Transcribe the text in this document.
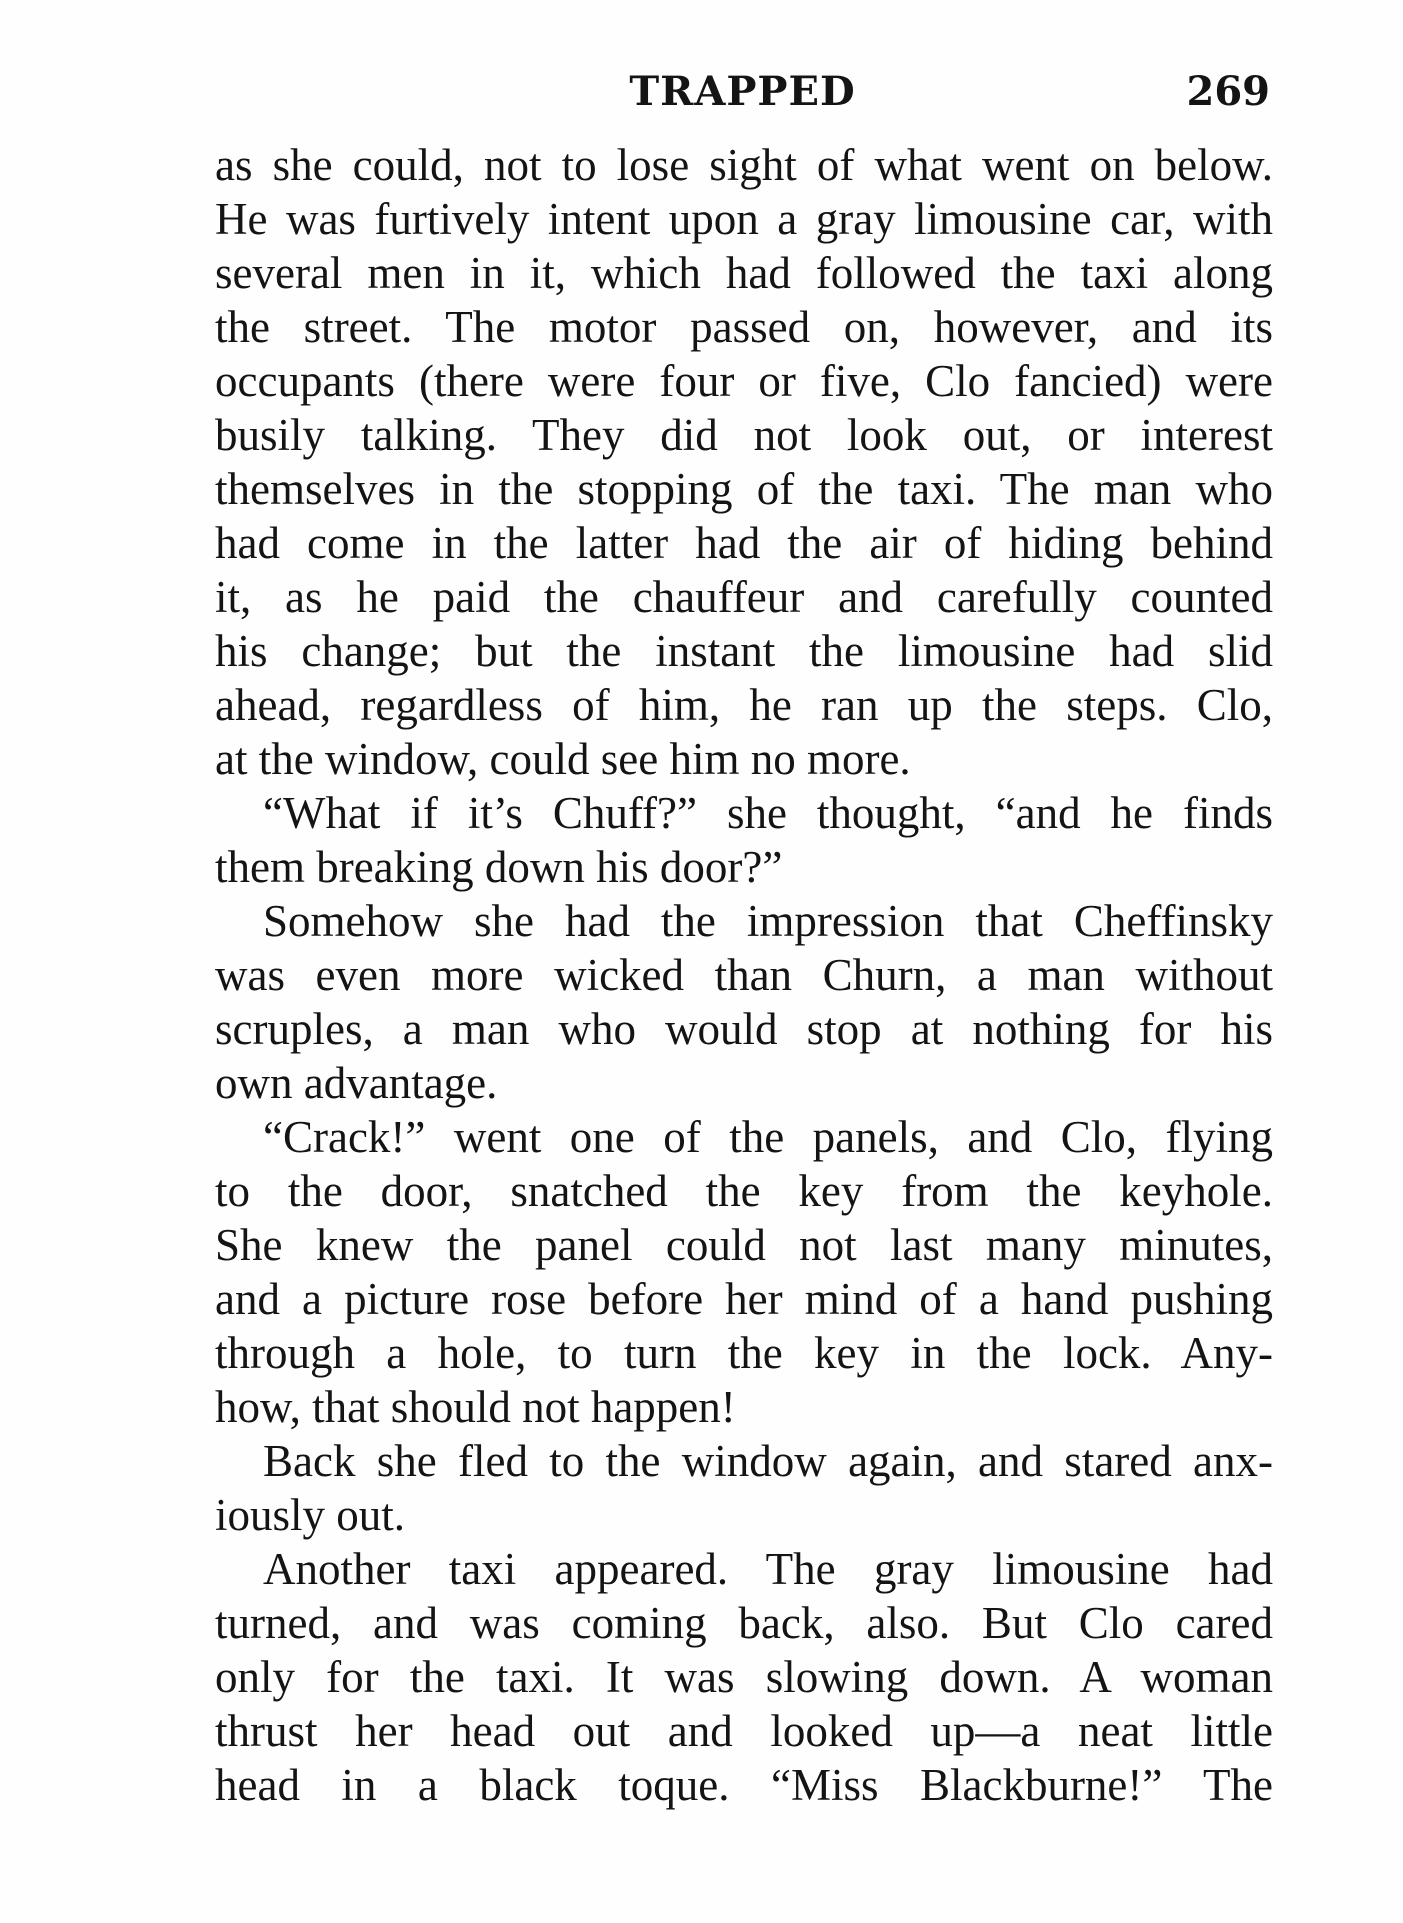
TRAPPED	269
as she could, not to lose sight of what went on below.
He was furtively intent upon a gray limousine car, with
several men in it, which had followed the taxi along
the street. The motor passed on, however, and its
occupants (there were four or five, Clo fancied) were
busily talking. They did not look out, or interest
themselves in the stopping of the taxi. The man who
had come in the latter had the air of hiding behind
it, as he paid the chauffeur and carefully counted
his change; but the instant the limousine had slid
ahead, regardless of him, he ran up the steps. Clo,
at the window, could see him no more.
“What if it’s Chuff?” she thought, “and he finds
them breaking down his door?”
Somehow she had the impression that Cheffinsky
was even more wicked than Churn, a man without
scruples, a man who would stop at nothing for his
own advantage.
“Crack!” went one of the panels, and Clo, flying
to the door, snatched the key from the keyhole.
She knew the panel could not last many minutes,
and a picture rose before her mind of a hand pushing
through a hole, to turn the key in the lock. Any-
how, that should not happen!
Back she fled to the window again, and stared anx-
iously out.
Another taxi appeared. The gray limousine had
turned, and was coming back, also. But Clo cared
only for the taxi. It was slowing down. A woman
thrust her head out and looked up—a neat little
head in a black toque. “Miss Blackburne!” The
